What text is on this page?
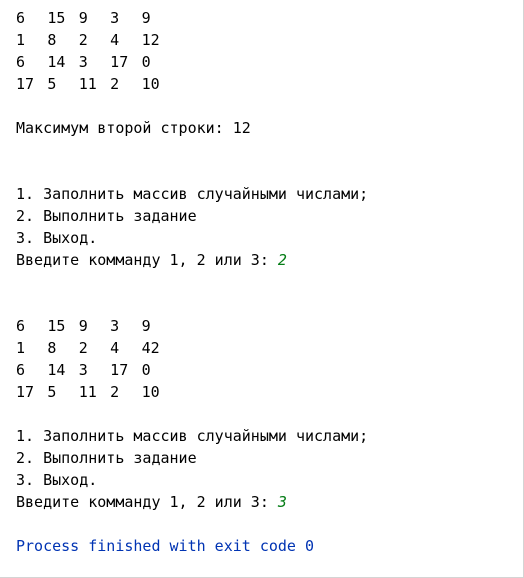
6	15 9	3	9
1	8	2	4	12
6	14 3	17 0
17 5	11 2	10
Максимум второй строки: 12
1. Заполнить массив случайными числами;
2. Выполнить задание
3. Выход.
Введите комманду 1, 2 или 3: 2
6	15 9	3	9
1	8	2	4	42
6	14 3	17 0
17 5	11 2	10
1. Заполнить массив случайными числами;
2. Выполнить задание
3. Выход.
Введите комманду 1, 2 или 3: 3
Process finished with exit code 0
